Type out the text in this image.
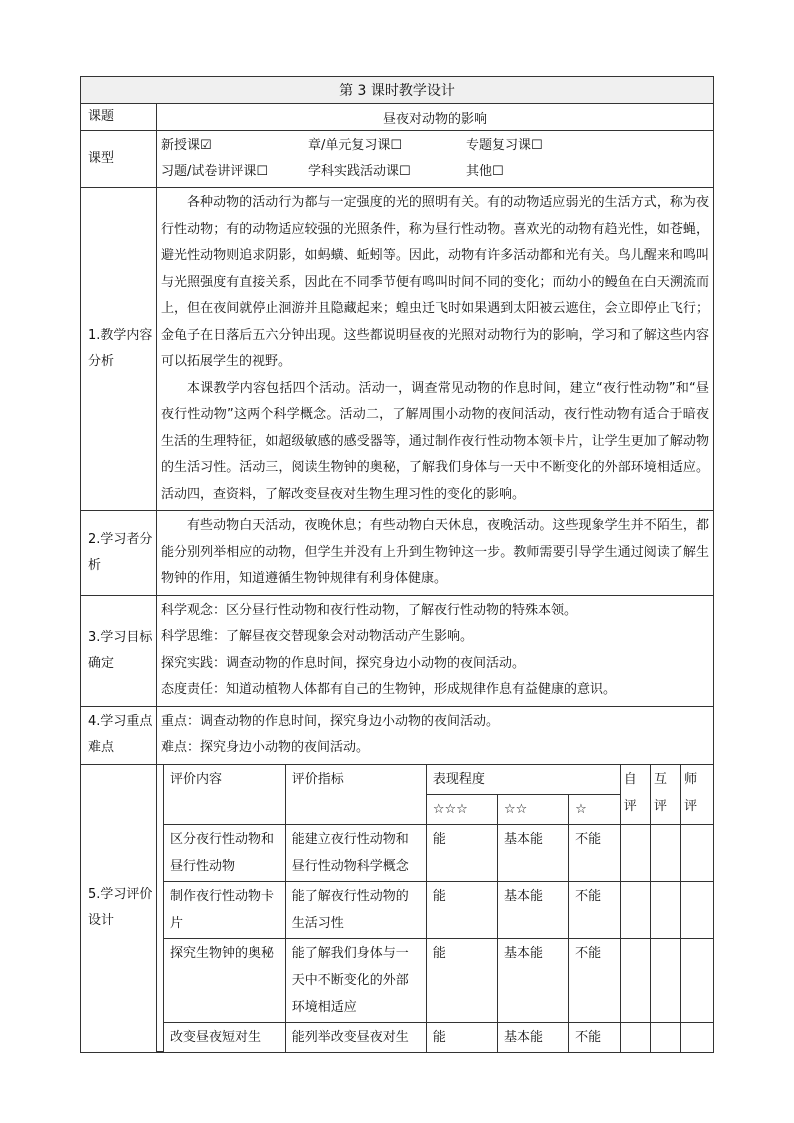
第 3 课时教学设计
课题	昼夜对动物的影响
课型	
新授课☑	章/单元复习课☐	专题复习课☐
习题/试卷讲评课☐	学科实践活动课☐	其他☐

1.教学内容分析	

各种动物的活动行为都与一定强度的光的照明有关。有的动物适应弱光的生活方式，称为夜行性动物；有的动物适应较强的光照条件，称为昼行性动物。喜欢光的动物有趋光性，如苍蝇，避光性动物则追求阴影，如蚂蟥、蚯蚓等。因此，动物有许多活动都和光有关。鸟儿醒来和鸣叫与光照强度有直接关系，因此在不同季节便有鸣叫时间不同的变化；而幼小的鳗鱼在白天溯流而上，但在夜间就停止洄游并且隐藏起来；蝗虫迁飞时如果遇到太阳被云遮住，会立即停止飞行；金龟子在日落后五六分钟出现。这些都说明昼夜的光照对动物行为的影响，学习和了解这些内容可以拓展学生的视野。

本课教学内容包括四个活动。活动一，调查常见动物的作息时间，建立“夜行性动物”和“昼夜行性动物”这两个科学概念。活动二，了解周围小动物的夜间活动，夜行性动物有适合于暗夜生活的生理特征，如超级敏感的感受器等，通过制作夜行性动物本领卡片，让学生更加了解动物的生活习性。活动三，阅读生物钟的奥秘，了解我们身体与一天中不断变化的外部环境相适应。活动四，查资料，了解改变昼夜对生物生理习性的变化的影响。

2.学习者分析	

有些动物白天活动，夜晚休息；有些动物白天休息，夜晚活动。这些现象学生并不陌生，都能分别列举相应的动物，但学生并没有上升到生物钟这一步。教师需要引导学生通过阅读了解生物钟的作用，知道遵循生物钟规律有利身体健康。

3.学习目标确定	

科学观念：区分昼行性动物和夜行性动物，了解夜行性动物的特殊本领。

科学思维：了解昼夜交替现象会对动物活动产生影响。

探究实践：调查动物的作息时间，探究身边小动物的夜间活动。

态度责任：知道动植物人体都有自己的生物钟，形成规律作息有益健康的意识。

4.学习重点难点	

重点：调查动物的作息时间，探究身边小动物的夜间活动。

难点：探究身边小动物的夜间活动。

5.学习评价设计	
	评价内容	评价指标	表现程度	自评	互评	师评
☆☆☆	☆☆	☆
区分夜行性动物和昼行性动物	能建立夜行性动物和昼行性动物科学概念	能	基本能	不能			
制作夜行性动物卡片	能了解夜行性动物的生活习性	能	基本能	不能			
探究生物钟的奥秘	能了解我们身体与一天中不断变化的外部环境相适应	能	基本能	不能			
改变昼夜短对生	能列举改变昼夜对生	能	基本能	不能			
